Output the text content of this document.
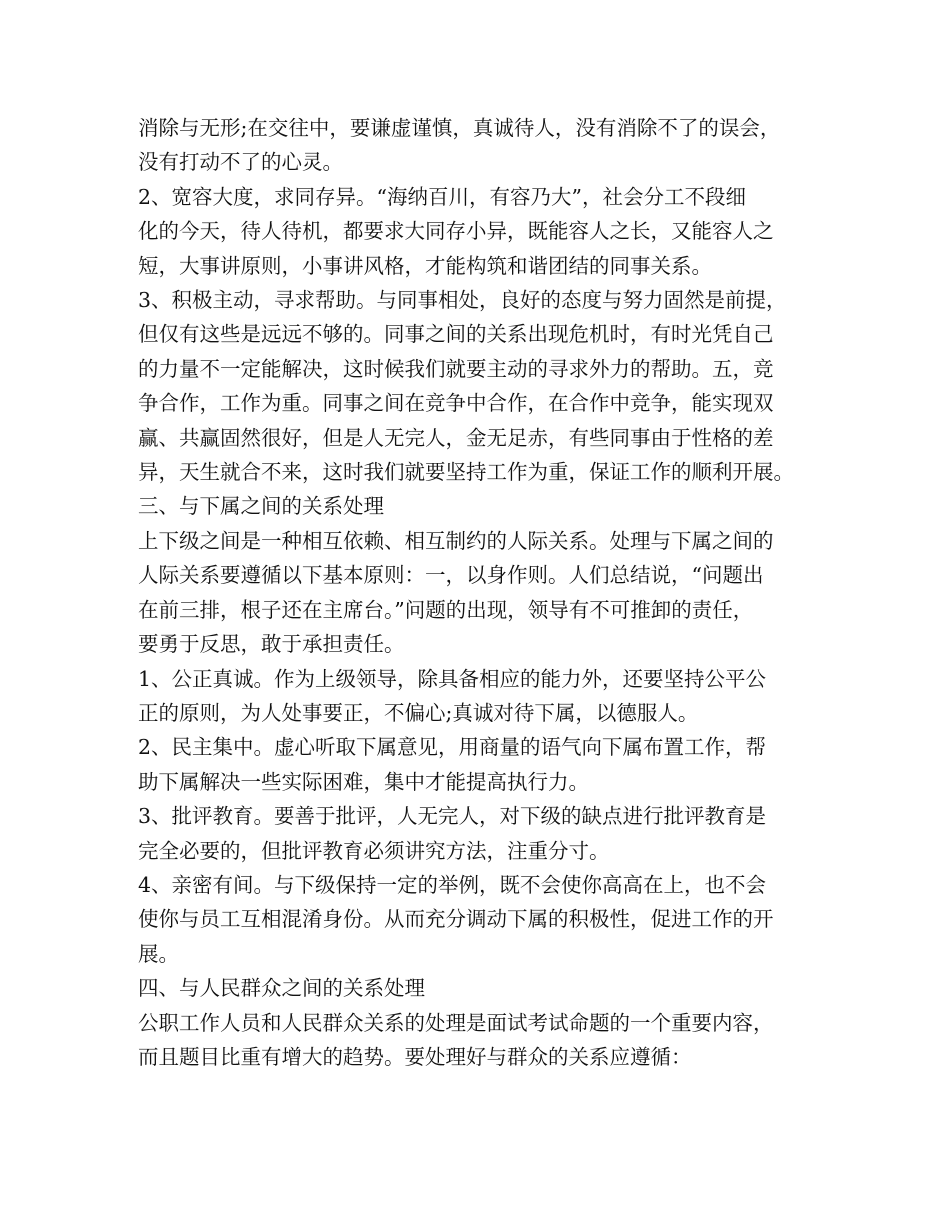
消除与无形;在交往中，要谦虚谨慎，真诚待人，没有消除不了的误会，
没有打动不了的心灵。

2、宽容大度，求同存异。“海纳百川，有容乃大”，社会分工不段细
化的今天，待人待机，都要求大同存小异，既能容人之长，又能容人之
短，大事讲原则，小事讲风格，才能构筑和谐团结的同事关系。

3、积极主动，寻求帮助。与同事相处，良好的态度与努力固然是前提，
但仅有这些是远远不够的。同事之间的关系出现危机时，有时光凭自己
的力量不一定能解决，这时候我们就要主动的寻求外力的帮助。五，竞
争合作，工作为重。同事之间在竞争中合作，在合作中竞争，能实现双
赢、共赢固然很好，但是人无完人，金无足赤，有些同事由于性格的差
异，天生就合不来，这时我们就要坚持工作为重，保证工作的顺利开展。

三、与下属之间的关系处理

上下级之间是一种相互依赖、相互制约的人际关系。处理与下属之间的
人际关系要遵循以下基本原则：一，以身作则。人们总结说，“问题出
在前三排，根子还在主席台。”问题的出现，领导有不可推卸的责任，
要勇于反思，敢于承担责任。

1、公正真诚。作为上级领导，除具备相应的能力外，还要坚持公平公
正的原则，为人处事要正，不偏心;真诚对待下属，以德服人。

2、民主集中。虚心听取下属意见，用商量的语气向下属布置工作，帮
助下属解决一些实际困难，集中才能提高执行力。

3、批评教育。要善于批评，人无完人，对下级的缺点进行批评教育是
完全必要的，但批评教育必须讲究方法，注重分寸。

4、亲密有间。与下级保持一定的举例，既不会使你高高在上，也不会
使你与员工互相混淆身份。从而充分调动下属的积极性，促进工作的开
展。

四、与人民群众之间的关系处理

公职工作人员和人民群众关系的处理是面试考试命题的一个重要内容，
而且题目比重有增大的趋势。要处理好与群众的关系应遵循：
